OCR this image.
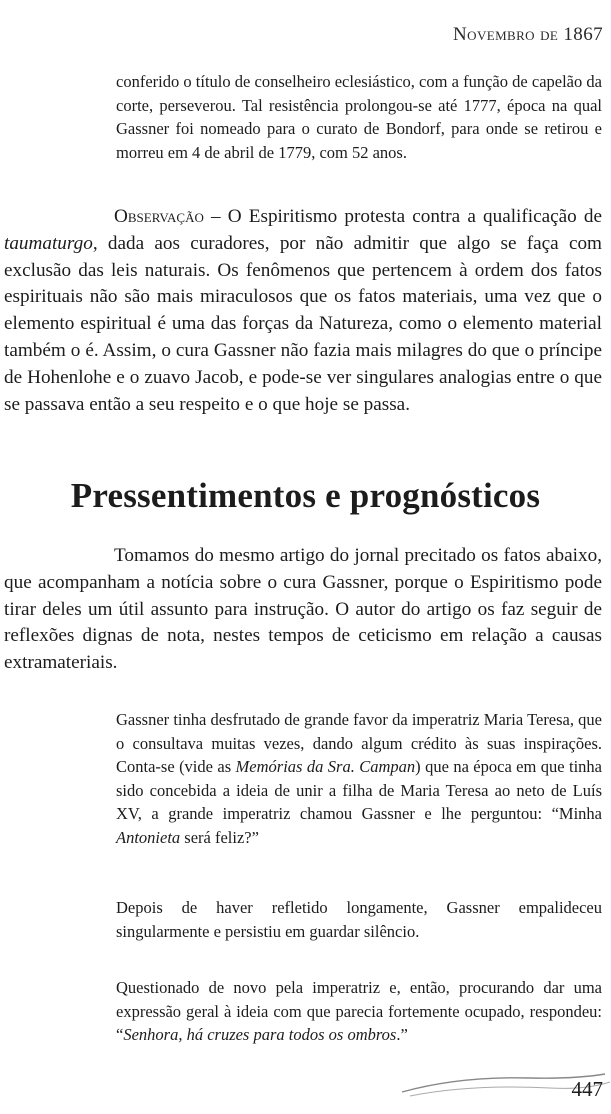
Novembro de 1867

conferido o título de conselheiro eclesiástico, com a função de capelão da corte, perseverou. Tal resistência prolongou-se até 1777, época na qual Gassner foi nomeado para o curato de Bondorf, para onde se retirou e morreu em 4 de abril de 1779, com 52 anos.

Observação – O Espiritismo protesta contra a qualificação de taumaturgo, dada aos curadores, por não admitir que algo se faça com exclusão das leis naturais. Os fenômenos que pertencem à ordem dos fatos espirituais não são mais miraculosos que os fatos materiais, uma vez que o elemento espiritual é uma das forças da Natureza, como o elemento material também o é. Assim, o cura Gassner não fazia mais milagres do que o príncipe de Hohenlohe e o zuavo Jacob, e pode-se ver singulares analogias entre o que se passava então a seu respeito e o que hoje se passa.
Pressentimentos e prognósticos
Tomamos do mesmo artigo do jornal precitado os fatos abaixo, que acompanham a notícia sobre o cura Gassner, porque o Espiritismo pode tirar deles um útil assunto para instrução. O autor do artigo os faz seguir de reflexões dignas de nota, nestes tempos de ceticismo em relação a causas extramateriais.
Gassner tinha desfrutado de grande favor da imperatriz Maria Teresa, que o consultava muitas vezes, dando algum crédito às suas inspirações. Conta-se (vide as Memórias da Sra. Campan) que na época em que tinha sido concebida a ideia de unir a filha de Maria Teresa ao neto de Luís XV, a grande imperatriz chamou Gassner e lhe perguntou: “Minha Antonieta será feliz?”
Depois de haver refletido longamente, Gassner empalideceu singularmente e persistiu em guardar silêncio.
Questionado de novo pela imperatriz e, então, procurando dar uma expressão geral à ideia com que parecia fortemente ocupado, respondeu: “Senhora, há cruzes para todos os ombros.”
447
